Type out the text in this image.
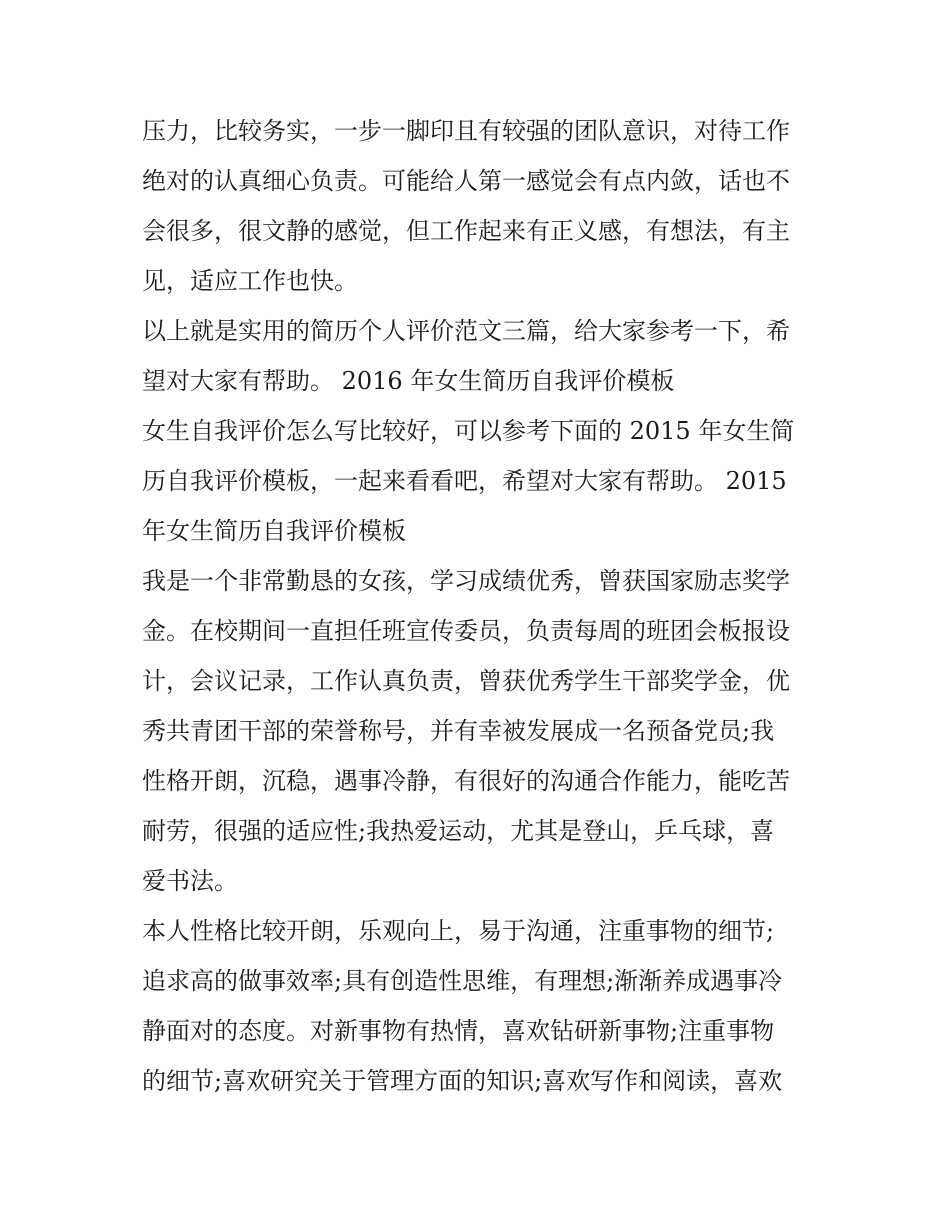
压力，比较务实，一步一脚印且有较强的团队意识，对待工作
绝对的认真细心负责。可能给人第一感觉会有点内敛，话也不
会很多，很文静的感觉，但工作起来有正义感，有想法，有主
见，适应工作也快。
以上就是实用的简历个人评价范文三篇，给大家参考一下，希
望对大家有帮助。 2016 年女生简历自我评价模板
女生自我评价怎么写比较好，可以参考下面的 2015 年女生简
历自我评价模板，一起来看看吧，希望对大家有帮助。 2015
年女生简历自我评价模板
我是一个非常勤恳的女孩，学习成绩优秀，曾获国家励志奖学
金。在校期间一直担任班宣传委员，负责每周的班团会板报设
计，会议记录，工作认真负责，曾获优秀学生干部奖学金，优
秀共青团干部的荣誉称号，并有幸被发展成一名预备党员;我
性格开朗，沉稳，遇事冷静，有很好的沟通合作能力，能吃苦
耐劳，很强的适应性;我热爱运动，尤其是登山，乒乓球，喜
爱书法。
本人性格比较开朗，乐观向上，易于沟通，注重事物的细节;
追求高的做事效率;具有创造性思维，有理想;渐渐养成遇事冷
静面对的态度。对新事物有热情，喜欢钻研新事物;注重事物
的细节;喜欢研究关于管理方面的知识;喜欢写作和阅读，喜欢
